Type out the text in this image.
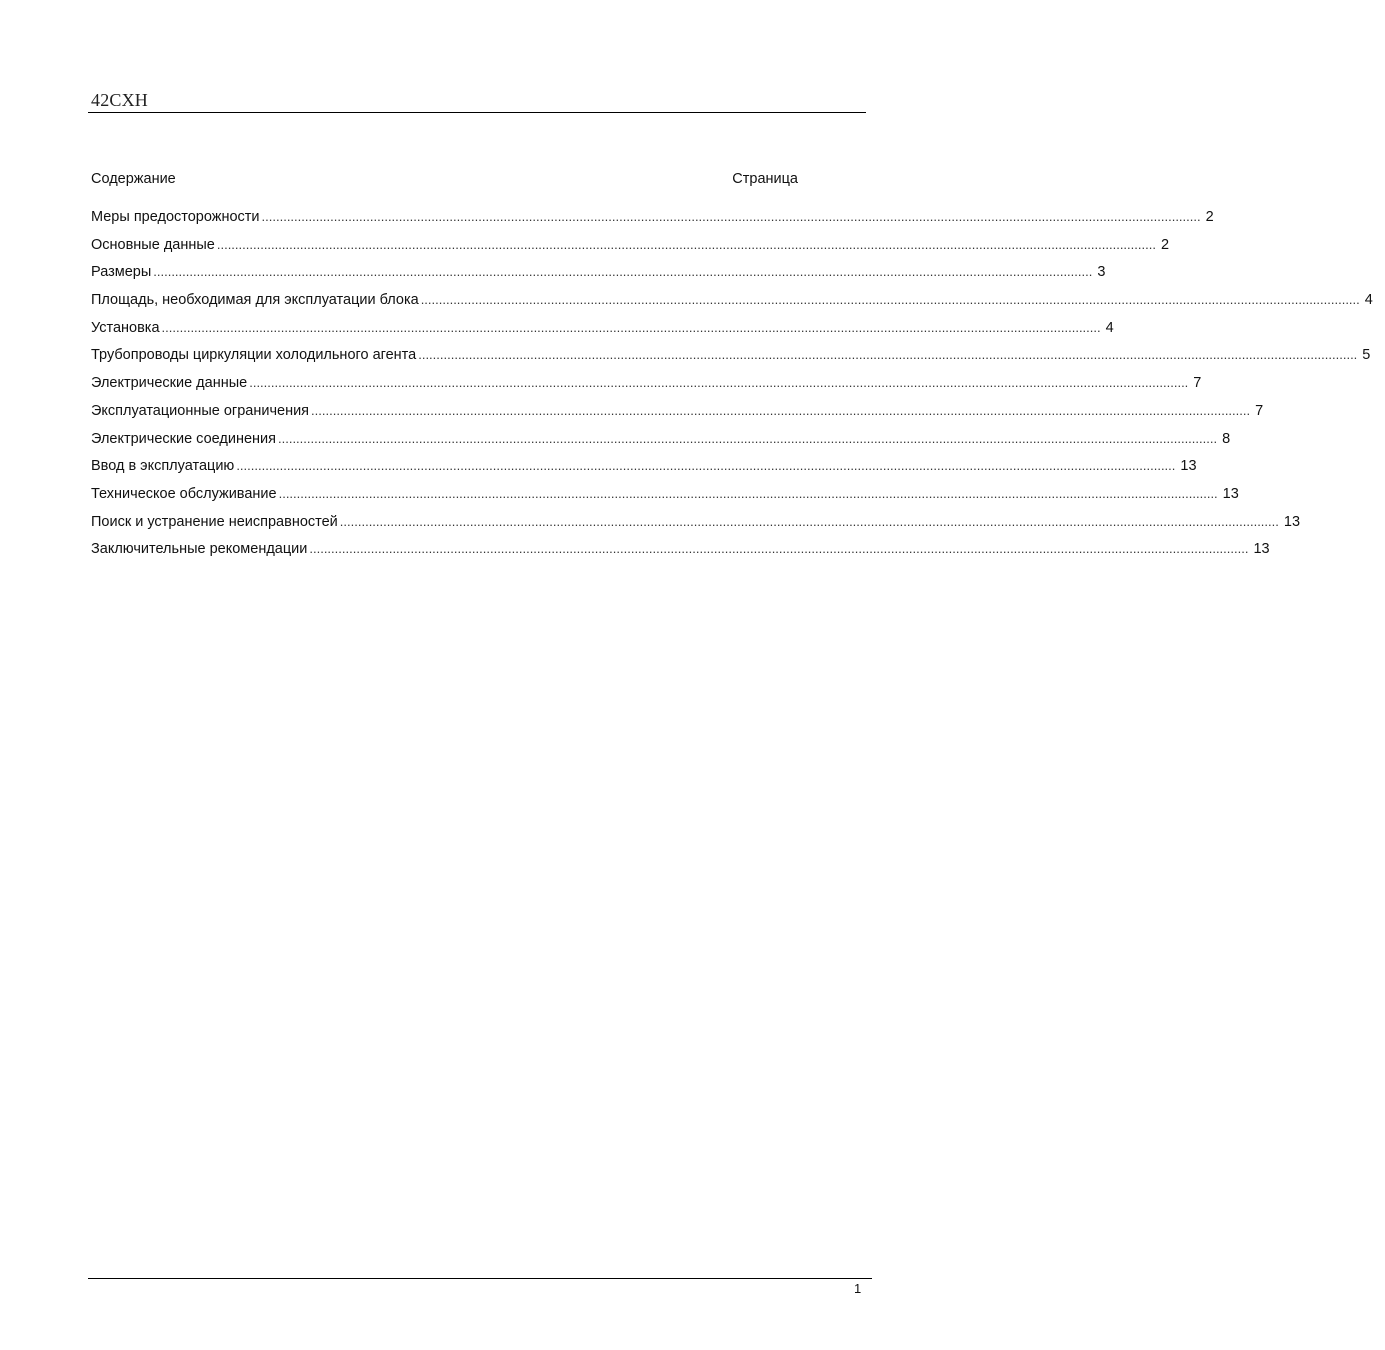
42CXH
Содержание	Страница
Меры предосторожности .................................................................................................................................................................................................................................................................... 2
Основные данные .................................................................................................................................................................................................................................................................... 2
Размеры .................................................................................................................................................................................................................................................................... 3
Площадь, необходимая для эксплуатации блока .................................................................................................................................................................................................................................................................... 4
Установка .................................................................................................................................................................................................................................................................... 4
Трубопроводы циркуляции холодильного агента .................................................................................................................................................................................................................................................................... 5
Электрические данные .................................................................................................................................................................................................................................................................... 7
Эксплуатационные ограничения .................................................................................................................................................................................................................................................................... 7
Электрические соединения .................................................................................................................................................................................................................................................................... 8
Ввод в эксплуатацию .................................................................................................................................................................................................................................................................... 13
Техническое обслуживание .................................................................................................................................................................................................................................................................... 13
Поиск и устранение неисправностей .................................................................................................................................................................................................................................................................... 13
Заключительные рекомендации .................................................................................................................................................................................................................................................................... 13
1
